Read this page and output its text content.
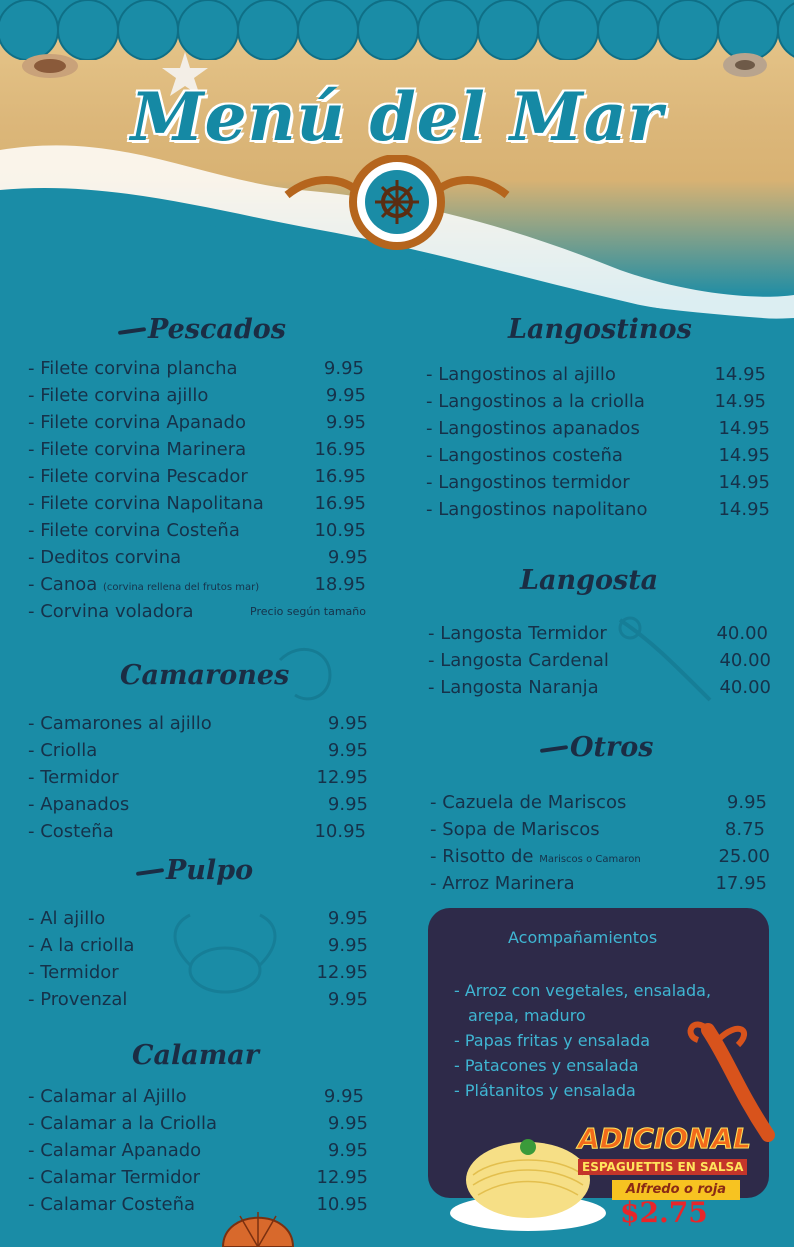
Menú del Mar
Pescados
- Filete corvina plancha	9.95
- Filete corvina ajillo	9.95
- Filete corvina Apanado	9.95
- Filete corvina Marinera	16.95
- Filete corvina Pescador	16.95
- Filete corvina Napolitana	16.95
- Filete corvina Costeña	10.95
- Deditos corvina	9.95
- Canoa (corvina rellena del frutos mar)	18.95
- Corvina voladora	Precio según tamaño
Camarones
- Camarones al ajillo	9.95
- Criolla	9.95
- Termidor	12.95
- Apanados	9.95
- Costeña	10.95
Pulpo
- Al ajillo	9.95
- A la criolla	9.95
- Termidor	12.95
- Provenzal	9.95
Calamar
- Calamar al Ajillo	9.95
- Calamar a la Criolla	9.95
- Calamar Apanado	9.95
- Calamar Termidor	12.95
- Calamar Costeña	10.95
Langostinos
- Langostinos al ajillo	14.95
- Langostinos a la criolla	14.95
- Langostinos apanados	14.95
- Langostinos costeña	14.95
- Langostinos termidor	14.95
- Langostinos napolitano	14.95
Langosta
- Langosta Termidor	40.00
- Langosta Cardenal	40.00
- Langosta Naranja	40.00
Otros
- Cazuela de Mariscos	9.95
- Sopa de Mariscos	8.75
- Risotto de Mariscos o Camaron	25.00
- Arroz Marinera	17.95
Acompañamientos
- Arroz con vegetales, ensalada,
arepa, maduro
- Papas fritas y ensalada
- Patacones y ensalada
- Plátanitos y ensalada
ADICIONAL
ESPAGUETTIS EN SALSA
Alfredo o roja
$2.75
